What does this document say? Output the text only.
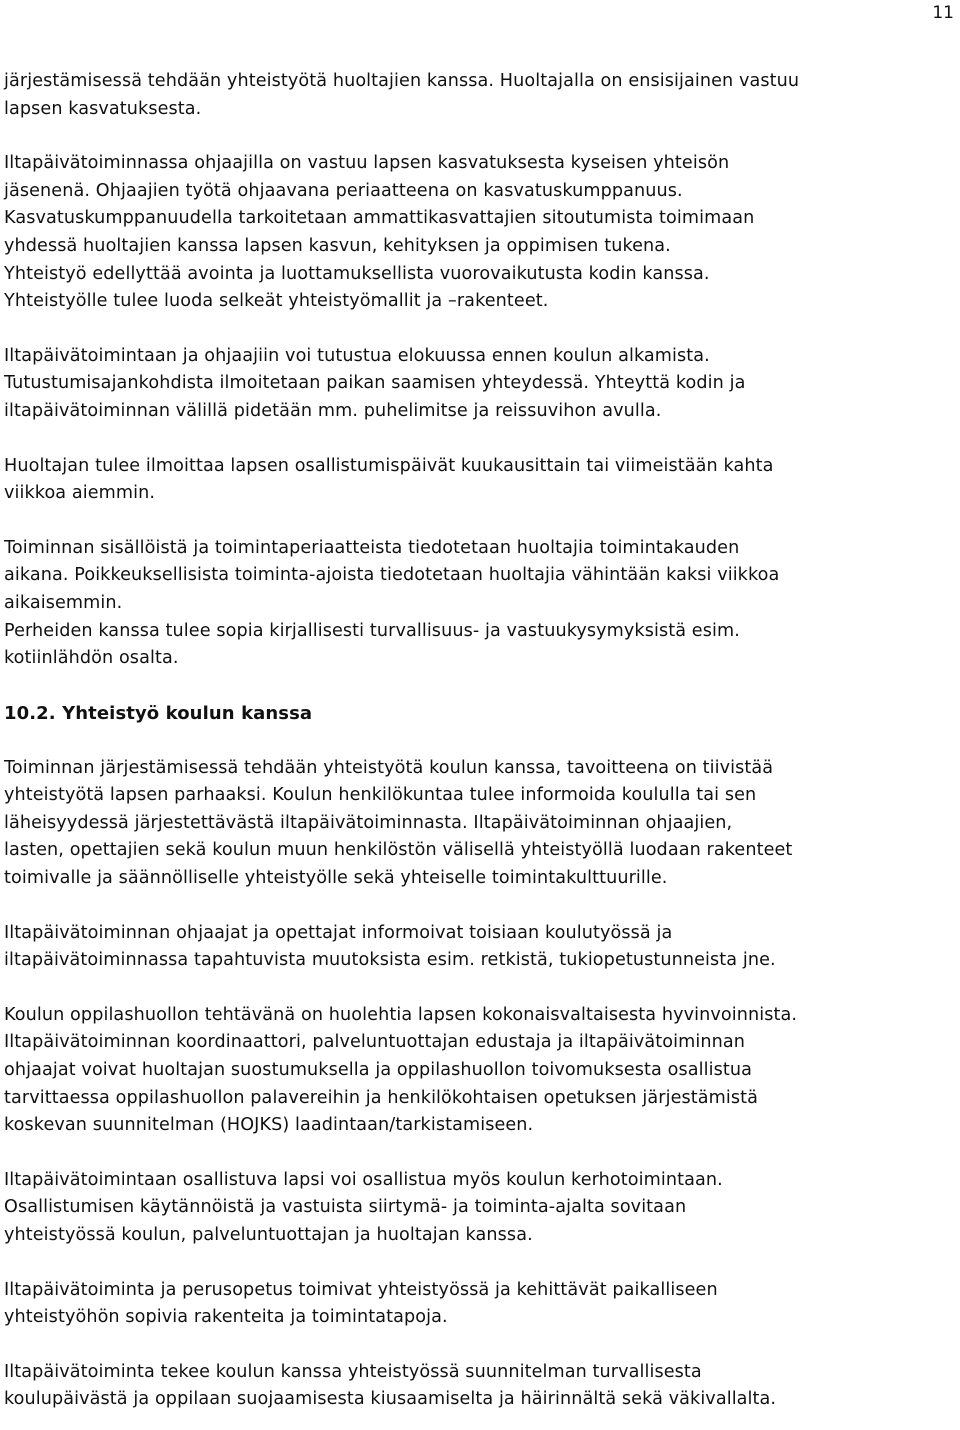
11

järjestämisessä tehdään yhteistyötä huoltajien kanssa. Huoltajalla on ensisijainen vastuu
lapsen kasvatuksesta.

Iltapäivätoiminnassa ohjaajilla on vastuu lapsen kasvatuksesta kyseisen yhteisön
jäsenenä. Ohjaajien työtä ohjaavana periaatteena on kasvatuskumppanuus.
Kasvatuskumppanuudella tarkoitetaan ammattikasvattajien sitoutumista toimimaan
yhdessä huoltajien kanssa lapsen kasvun, kehityksen ja oppimisen tukena.
Yhteistyö edellyttää avointa ja luottamuksellista vuorovaikutusta kodin kanssa.
Yhteistyölle tulee luoda selkeät yhteistyömallit ja –rakenteet.

Iltapäivätoimintaan ja ohjaajiin voi tutustua elokuussa ennen koulun alkamista.
Tutustumisajankohdista ilmoitetaan paikan saamisen yhteydessä. Yhteyttä kodin ja
iltapäivätoiminnan välillä pidetään mm. puhelimitse ja reissuvihon avulla.

Huoltajan tulee ilmoittaa lapsen osallistumispäivät kuukausittain tai viimeistään kahta
viikkoa aiemmin.

Toiminnan sisällöistä ja toimintaperiaatteista tiedotetaan huoltajia toimintakauden
aikana. Poikkeuksellisista toiminta-ajoista tiedotetaan huoltajia vähintään kaksi viikkoa
aikaisemmin.
Perheiden kanssa tulee sopia kirjallisesti turvallisuus- ja vastuukysymyksistä esim.
kotiinlähdön osalta.

10.2. Yhteistyö koulun kanssa

Toiminnan järjestämisessä tehdään yhteistyötä koulun kanssa, tavoitteena on tiivistää
yhteistyötä lapsen parhaaksi. Koulun henkilökuntaa tulee informoida koululla tai sen
läheisyydessä järjestettävästä iltapäivätoiminnasta. Iltapäivätoiminnan ohjaajien,
lasten, opettajien sekä koulun muun henkilöstön välisellä yhteistyöllä luodaan rakenteet
toimivalle ja säännölliselle yhteistyölle sekä yhteiselle toimintakulttuurille.

Iltapäivätoiminnan ohjaajat ja opettajat informoivat toisiaan koulutyössä ja
iltapäivätoiminnassa tapahtuvista muutoksista esim. retkistä, tukiopetustunneista jne.

Koulun oppilashuollon tehtävänä on huolehtia lapsen kokonaisvaltaisesta hyvinvoinnista.
Iltapäivätoiminnan koordinaattori, palveluntuottajan edustaja ja iltapäivätoiminnan
ohjaajat voivat huoltajan suostumuksella ja oppilashuollon toivomuksesta osallistua
tarvittaessa oppilashuollon palavereihin ja henkilökohtaisen opetuksen järjestämistä
koskevan suunnitelman (HOJKS) laadintaan/tarkistamiseen.

Iltapäivätoimintaan osallistuva lapsi voi osallistua myös koulun kerhotoimintaan.
Osallistumisen käytännöistä ja vastuista siirtymä- ja toiminta-ajalta sovitaan
yhteistyössä koulun, palveluntuottajan ja huoltajan kanssa.

Iltapäivätoiminta ja perusopetus toimivat yhteistyössä ja kehittävät paikalliseen
yhteistyöhön sopivia rakenteita ja toimintatapoja.

Iltapäivätoiminta tekee koulun kanssa yhteistyössä suunnitelman turvallisesta
koulupäivästä ja oppilaan suojaamisesta kiusaamiselta ja häirinnältä sekä väkivallalta.
